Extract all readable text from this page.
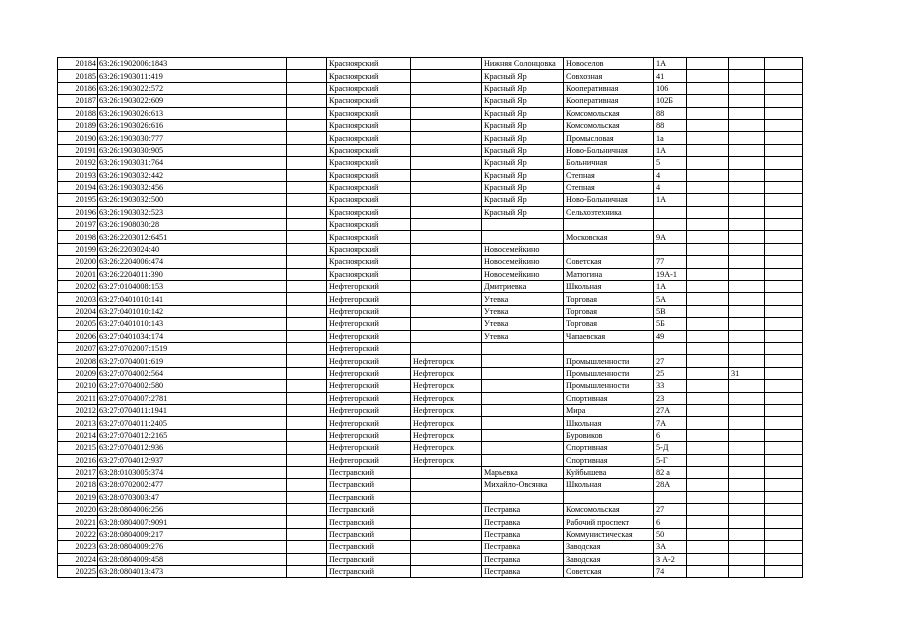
20184	63:26:1902006:1843		Красноярский		Нижняя Солонцовка	Новоселов	1А			
20185	63:26:1903011:419		Красноярский		Красный Яр	Совхозная	41			
20186	63:26:1903022:572		Красноярский		Красный Яр	Кооперативная	106			
20187	63:26:1903022:609		Красноярский		Красный Яр	Кооперативная	102Б			
20188	63:26:1903026:613		Красноярский		Красный Яр	Комсомольская	88			
20189	63:26:1903026:616		Красноярский		Красный Яр	Комсомольская	88			
20190	63:26:1903030:777		Красноярский		Красный Яр	Промысловая	1а			
20191	63:26:1903030:905		Красноярский		Красный Яр	Ново-Больничная	1А			
20192	63:26:1903031:764		Красноярский		Красный Яр	Больничная	5			
20193	63:26:1903032:442		Красноярский		Красный Яр	Степная	4			
20194	63:26:1903032:456		Красноярский		Красный Яр	Степная	4			
20195	63:26:1903032:500		Красноярский		Красный Яр	Ново-Больничная	1А			
20196	63:26:1903032:523		Красноярский		Красный Яр	Сельхозтехника				
20197	63:26:1908030:28		Красноярский							
20198	63:26:2203012:6451		Красноярский			Московская	9А			
20199	63:26:2203024:40		Красноярский		Новосемейкино					
20200	63:26:2204006:474		Красноярский		Новосемейкино	Советская	77			
20201	63:26:2204011:390		Красноярский		Новосемейкино	Матюгина	19А-1			
20202	63:27:0104008:153		Нефтегорский		Дмитриевка	Школьная	1А			
20203	63:27:0401010:141		Нефтегорский		Утевка	Торговая	5А			
20204	63:27:0401010:142		Нефтегорский		Утевка	Торговая	5В			
20205	63:27:0401010:143		Нефтегорский		Утевка	Торговая	5Б			
20206	63:27:0401034:174		Нефтегорский		Утевка	Чапаевская	49			
20207	63:27:0702007:1519		Нефтегорский							
20208	63:27:0704001:619		Нефтегорский	Нефтегорск		Промышленности	27			
20209	63:27:0704002:564		Нефтегорский	Нефтегорск		Промышленности	25		31	
20210	63:27:0704002:580		Нефтегорский	Нефтегорск		Промышленности	33			
20211	63:27:0704007:2781		Нефтегорский	Нефтегорск		Спортивная	23			
20212	63:27:0704011:1941		Нефтегорский	Нефтегорск		Мира	27А			
20213	63:27:0704011:2405		Нефтегорский	Нефтегорск		Школьная	7А			
20214	63:27:0704012:2165		Нефтегорский	Нефтегорск		Буровиков	6			
20215	63:27:0704012:936		Нефтегорский	Нефтегорск		Спортивная	5-Д			
20216	63:27:0704012:937		Нефтегорский	Нефтегорск		Спортивная	5-Г			
20217	63:28:0103005:374		Пестравский		Марьевка	Куйбышева	82 а			
20218	63:28:0702002:477		Пестравский		Михайло-Овсянка	Школьная	28А			
20219	63:28:0703003:47		Пестравский							
20220	63:28:0804006:256		Пестравский		Пестравка	Комсомольская	27			
20221	63:28:0804007:9091		Пестравский		Пестравка	Рабочий проспект	6			
20222	63:28:0804009:217		Пестравский		Пестравка	Коммунистическая	50			
20223	63:28:0804009:276		Пестравский		Пестравка	Заводская	3А			
20224	63:28:0804009:458		Пестравский		Пестравка	Заводская	3 А-2			
20225	63:28:0804013:473		Пестравский		Пестравка	Советская	74			
